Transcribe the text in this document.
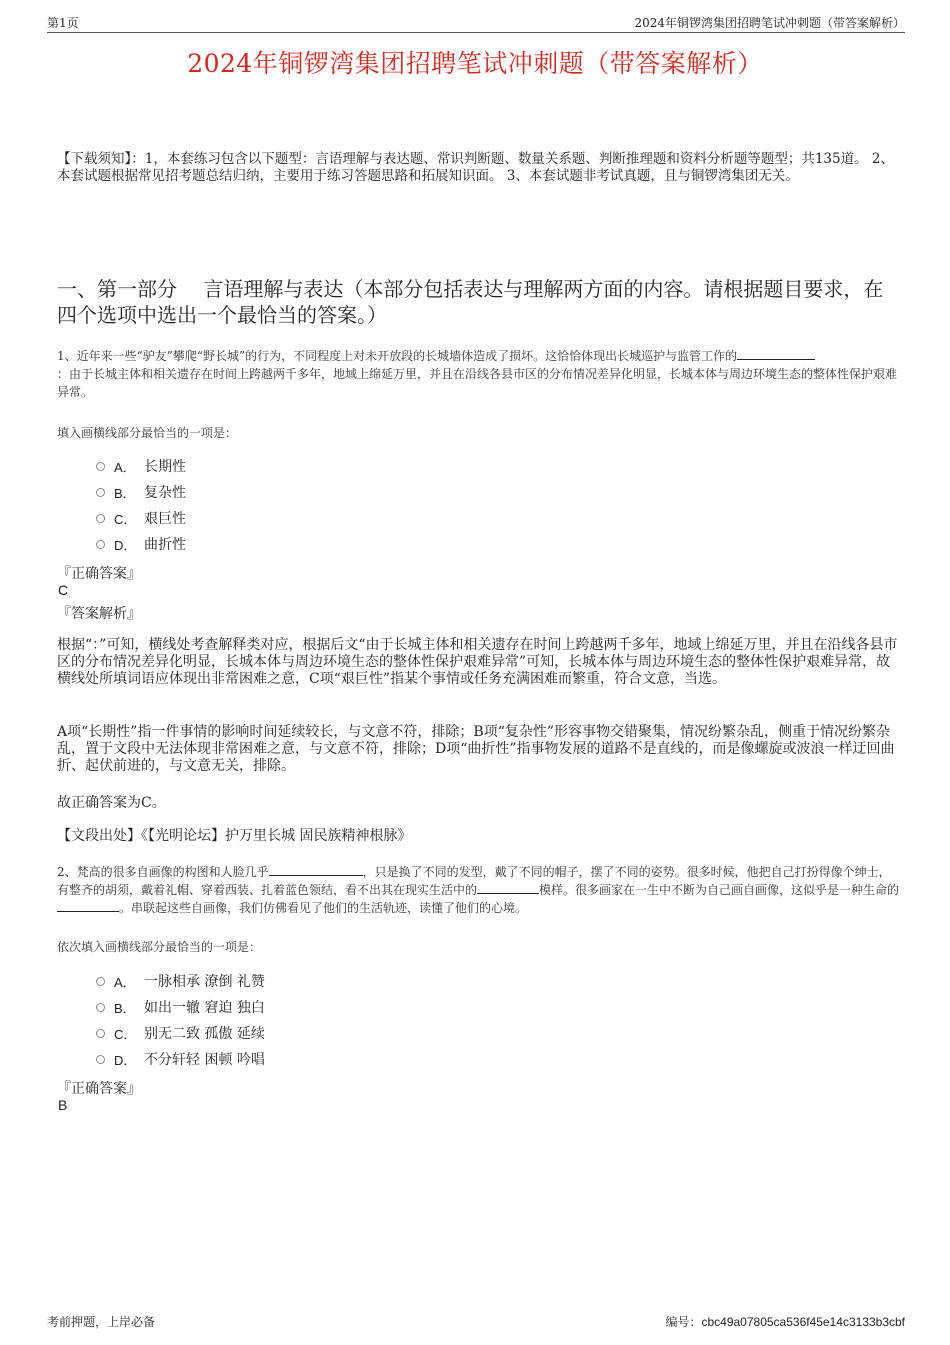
第1页	2024年铜锣湾集团招聘笔试冲刺题（带答案解析）
2024年铜锣湾集团招聘笔试冲刺题（带答案解析）
【下载须知】：1，本套练习包含以下题型：言语理解与表达题、常识判断题、数量关系题、判断推理题和资料分析题等题型；共135道。 2、本套试题根据常见招考题总结归纳，主要用于练习答题思路和拓展知识面。 3、本套试题非考试真题，且与铜锣湾集团无关。
一、第一部分　 言语理解与表达（本部分包括表达与理解两方面的内容。请根据题目要求，在四个选项中选出一个最恰当的答案。）
1、近年来一些“驴友”攀爬“野长城”的行为，不同程度上对未开放段的长城墙体造成了损坏。这恰恰体现出长城巡护与监管工作的
：由于长城主体和相关遗存在时间上跨越两千多年，地域上绵延万里，并且在沿线各县市区的分布情况差异化明显，长城本体与周边环境生态的整体性保护艰难异常。
填入画横线部分最恰当的一项是：
A． 长期性
B． 复杂性
C． 艰巨性
D． 曲折性
『正确答案』
C
『答案解析』
根据“：”可知，横线处考查解释类对应，根据后文“由于长城主体和相关遗存在时间上跨越两千多年，地域上绵延万里，并且在沿线各县市区的分布情况差异化明显，长城本体与周边环境生态的整体性保护艰难异常”可知，长城本体与周边环境生态的整体性保护艰难异常，故横线处所填词语应体现出非常困难之意，C项“艰巨性”指某个事情或任务充满困难而繁重，符合文意，当选。
A项“长期性”指一件事情的影响时间延续较长，与文意不符，排除；B项“复杂性”形容事物交错聚集，情况纷繁杂乱，侧重于情况纷繁杂乱，置于文段中无法体现非常困难之意，与文意不符，排除；D项“曲折性”指事物发展的道路不是直线的，而是像螺旋或波浪一样迂回曲折、起伏前进的，与文意无关，排除。
故正确答案为C。
【文段出处】《【光明论坛】护万里长城 固民族精神根脉》
2、梵高的很多自画像的构图和人脸几乎	，只是换了不同的发型，戴了不同的帽子，摆了不同的姿势。很多时候，他把自己打扮得像个绅士，有整齐的胡须，戴着礼帽、穿着西装、扎着蓝色领结，看不出其在现实生活中的	模样。很多画家在一生中不断为自己画自画像，这似乎是一种生命的。串联起这些自画像，我们仿佛看见了他们的生活轨迹，读懂了他们的心境。
依次填入画横线部分最恰当的一项是：
A． 一脉相承 潦倒 礼赞
B． 如出一辙 窘迫 独白
C． 别无二致 孤傲 延续
D． 不分轩轻 困顿 吟唱
『正确答案』
B
考前押题，上岸必备	编号：cbc49a07805ca536f45e14c3133b3cbf
